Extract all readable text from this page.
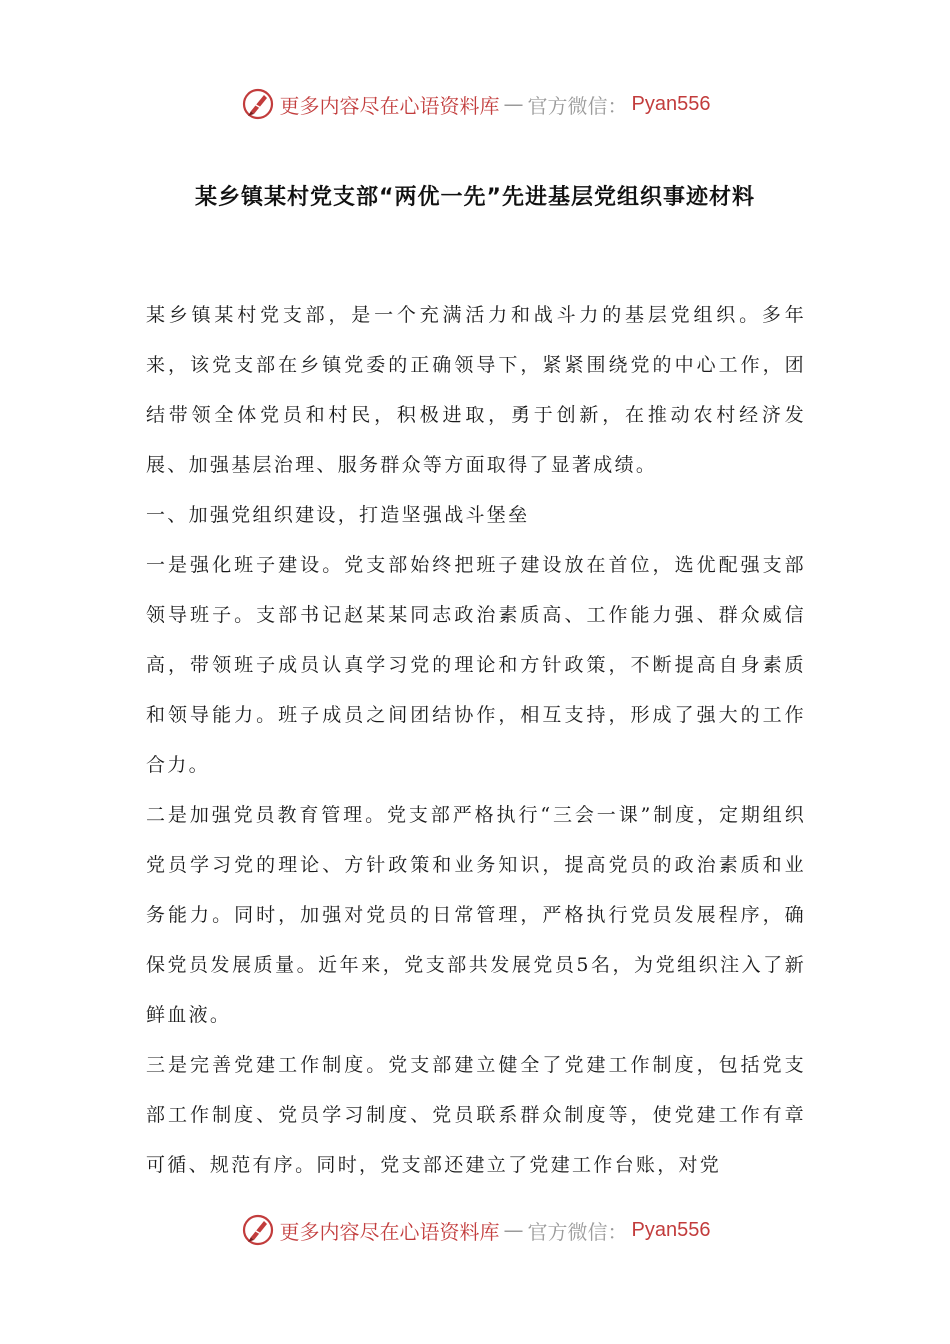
更多内容尽在心语资料库 — 官方微信： Pyan556
某乡镇某村党支部“两优一先”先进基层党组织事迹材料

某乡镇某村党支部，是一个充满活力和战斗力的基层党组织。多年来，该党支部在乡镇党委的正确领导下，紧紧围绕党的中心工作，团结带领全体党员和村民，积极进取，勇于创新，在推动农村经济发展、加强基层治理、服务群众等方面取得了显著成绩。

一、加强党组织建设，打造坚强战斗堡垒

一是强化班子建设。党支部始终把班子建设放在首位，选优配强支部领导班子。支部书记赵某某同志政治素质高、工作能力强、群众威信高，带领班子成员认真学习党的理论和方针政策，不断提高自身素质和领导能力。班子成员之间团结协作，相互支持，形成了强大的工作合力。

二是加强党员教育管理。党支部严格执行“三会一课”制度，定期组织党员学习党的理论、方针政策和业务知识，提高党员的政治素质和业务能力。同时，加强对党员的日常管理，严格执行党员发展程序，确保党员发展质量。近年来，党支部共发展党员5名，为党组织注入了新鲜血液。

三是完善党建工作制度。党支部建立健全了党建工作制度，包括党支部工作制度、党员学习制度、党员联系群众制度等，使党建工作有章可循、规范有序。同时，党支部还建立了党建工作台账，对党

更多内容尽在心语资料库 — 官方微信： Pyan556
